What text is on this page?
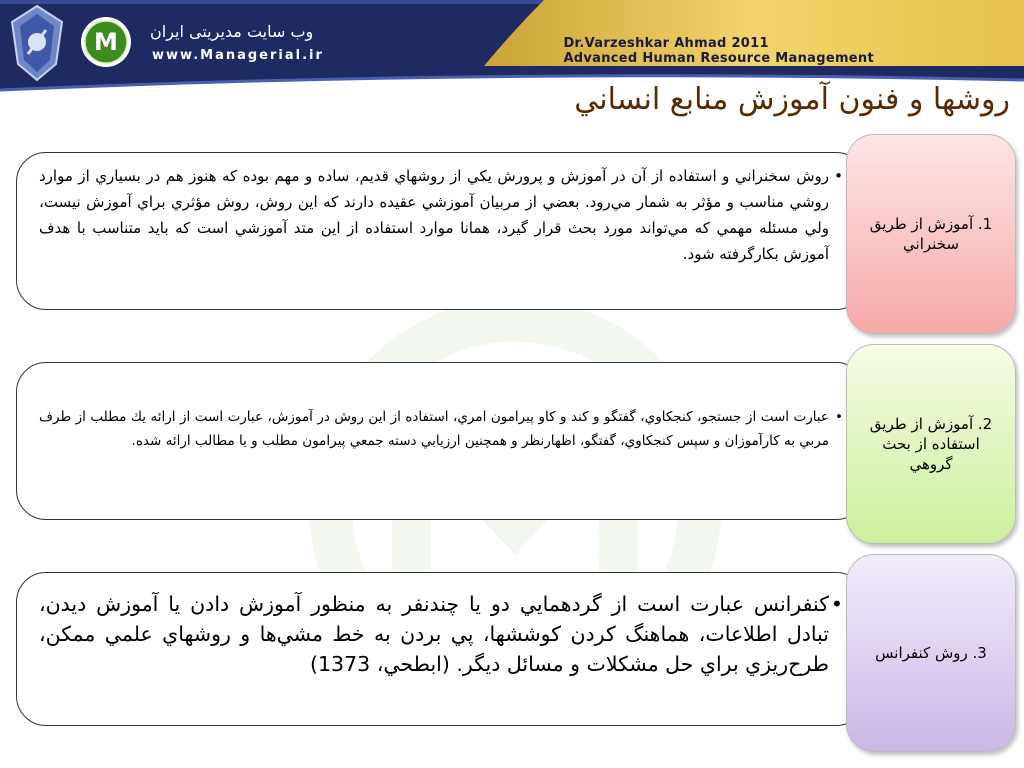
Dr.Varzeshkar Ahmad 2011
Advanced Human Resource Management
M وب سايت مديريتی ايران
www.Managerial.ir
روشها و فنون آموزش منابع انساني
• روش سخنراني و استفاده از آن در آموزش و پرورش يكي از روشهاي قديم، ساده و مهم بوده كه هنوز هم در بسياري از موارد روشي مناسب و مؤثر به شمار مي‌رود. بعضي از مربيان آموزشي عقيده دارند كه اين روش، روش مؤثري براي آموزش نيست، ولي مسئله مهمي كه مي‌تواند مورد بحث قرار گيرد، همانا موارد استفاده از اين متد آموزشي است كه بايد متناسب با هدف آموزش بكارگرفته شود.
1. آموزش از طريق سخنراني
• عبارت است از جستجو، كنجكاوي، گفتگو و كند و كاو پيرامون امري، استفاده از اين روش در آموزش، عبارت است از ارائه يك مطلب از طرف مربي به كارآموزان و سپس كنجكاوي، گفتگو، اظهارنظر و همچنين ارزيابي دسته جمعي پيرامون مطلب و يا مطالب ارائه شده.
2. آموزش از طريق استفاده از بحث گروهي
• كنفرانس عبارت است از گردهمايي دو يا چندنفر به منظور آموزش دادن يا آموزش ديدن، تبادل اطلاعات، هماهنگ كردن كوششها، پي بردن به خط مشي‌ها و روشهاي علمي ممكن، طرح‌ريزي براي حل مشكلات و مسائل ديگر. (ابطحي، 1373)	3. روش كنفرانس
